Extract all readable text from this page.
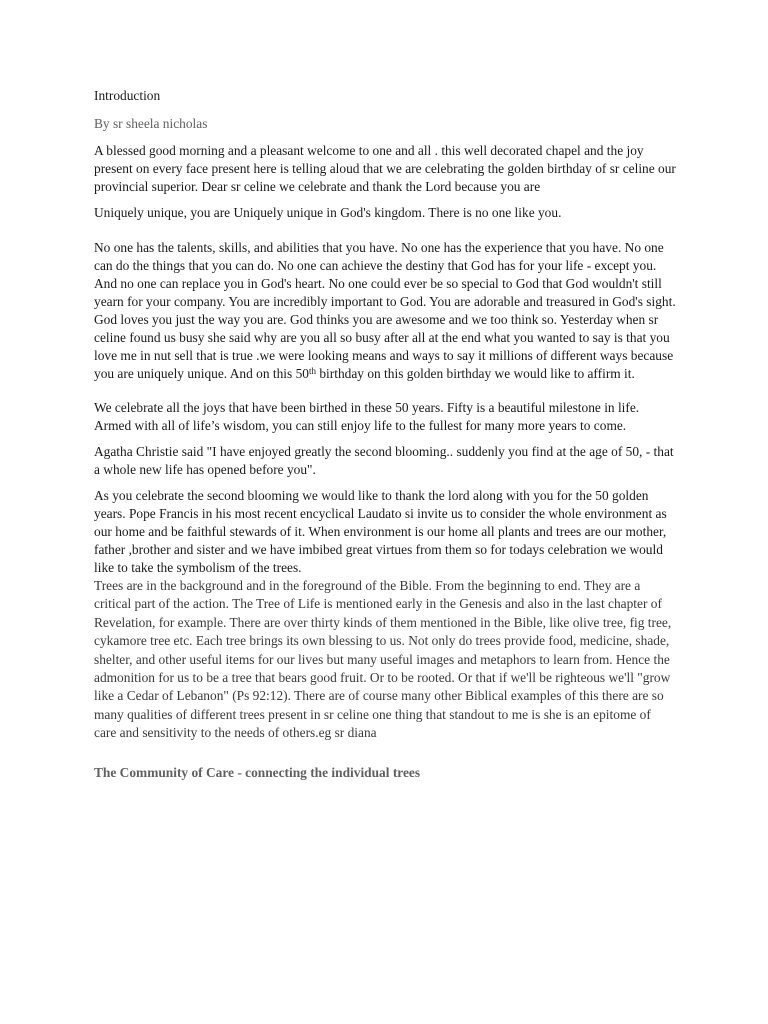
Introduction

By sr sheela nicholas

A blessed good morning and a pleasant welcome to one and all . this well decorated chapel and the joy present on every face present here is telling aloud that we are celebrating the golden birthday of sr celine our provincial superior. Dear sr celine we celebrate and thank the Lord because you are

Uniquely unique, you are Uniquely unique in God's kingdom. There is no one like you.

No one has the talents, skills, and abilities that you have. No one has the experience that you have. No one can do the things that you can do. No one can achieve the destiny that God has for your life - except you. And no one can replace you in God's heart. No one could ever be so special to God that God wouldn't still yearn for your company. You are incredibly important to God. You are adorable and treasured in God's sight. God loves you just the way you are. God thinks you are awesome and we too think so. Yesterday when sr celine found us busy she said why are you all so busy after all at the end what you wanted to say is that you love me in nut sell that is true .we were looking means and ways to say it millions of different ways because you are uniquely unique. And on this 50th birthday on this golden birthday we would like to affirm it.

We celebrate all the joys that have been birthed in these 50 years. Fifty is a beautiful milestone in life. Armed with all of life’s wisdom, you can still enjoy life to the fullest for many more years to come.

Agatha Christie said "I have enjoyed greatly the second blooming.. suddenly you find at the age of 50, - that a whole new life has opened before you".

As you celebrate the second blooming we would like to thank the lord along with you for the 50 golden years. Pope Francis in his most recent encyclical Laudato si invite us to consider the whole environment as our home and be faithful stewards of it. When environment is our home all plants and trees are our mother, father ,brother and sister and we have imbibed great virtues from them so for todays celebration we would like to take the symbolism of the trees.

Trees are in the background and in the foreground of the Bible. From the beginning to end. They are a critical part of the action. The Tree of Life is mentioned early in the Genesis and also in the last chapter of Revelation, for example. There are over thirty kinds of them mentioned in the Bible, like olive tree, fig tree, cykamore tree etc. Each tree brings its own blessing to us. Not only do trees provide food, medicine, shade, shelter, and other useful items for our lives but many useful images and metaphors to learn from. Hence the admonition for us to be a tree that bears good fruit. Or to be rooted. Or that if we'll be righteous we'll "grow like a Cedar of Lebanon" (Ps 92:12). There are of course many other Biblical examples of this there are so many qualities of different trees present in sr celine one thing that standout to me is she is an epitome of care and sensitivity to the needs of others.eg sr diana

The Community of Care - connecting the individual trees
